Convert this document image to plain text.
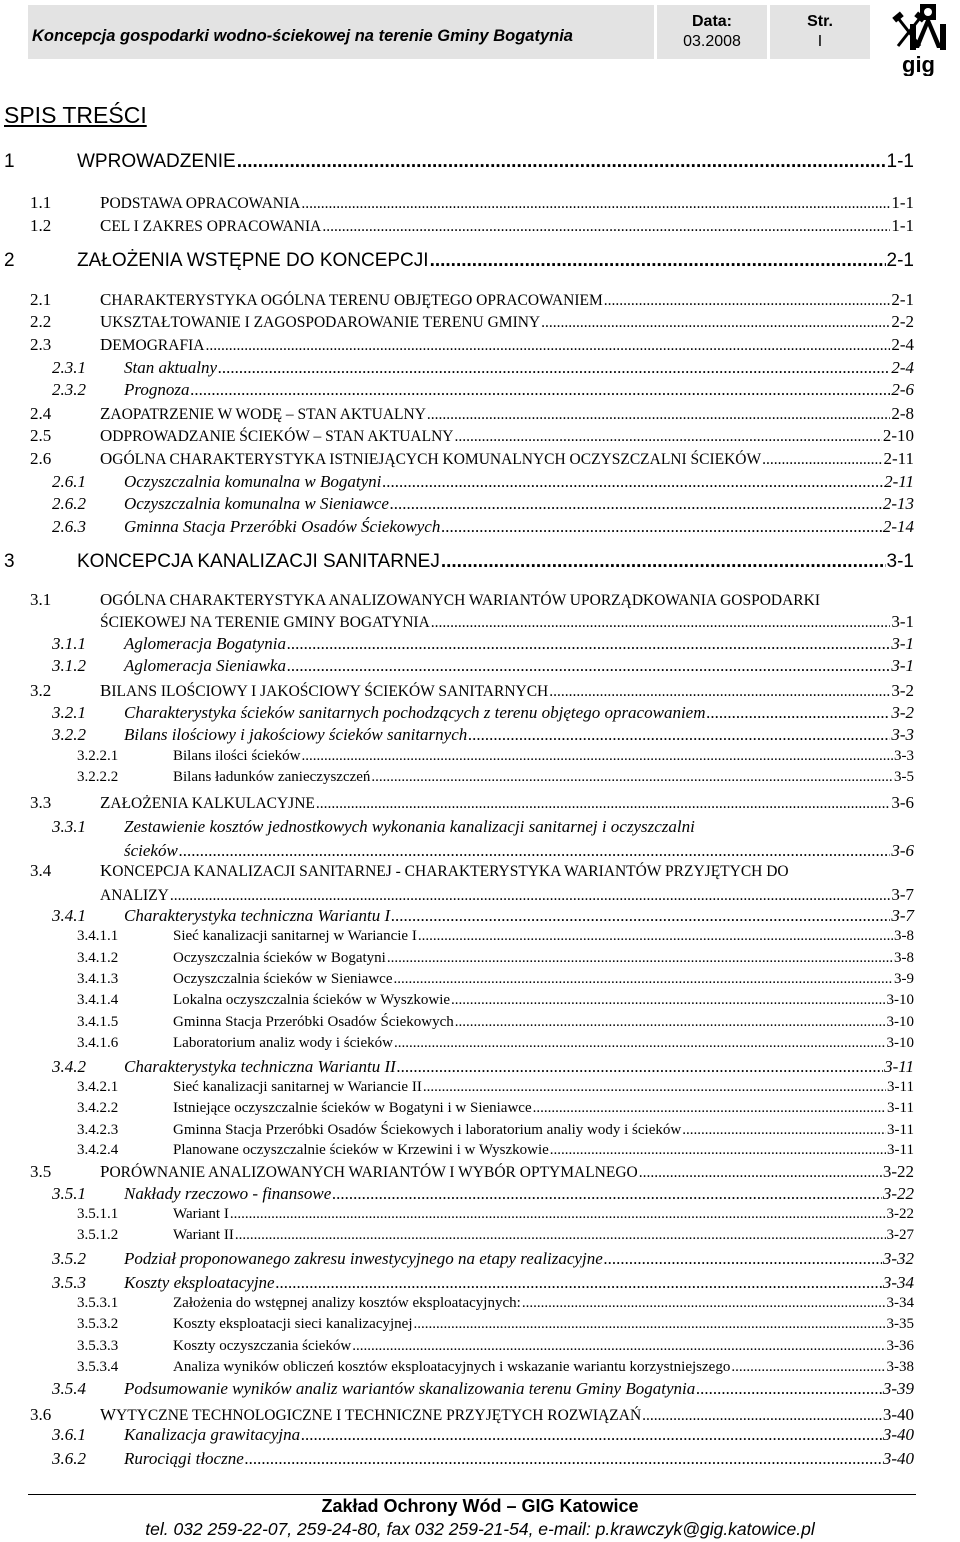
Koncepcja gospodarki wodno-ściekowej na terenie Gminy Bogatynia
Data:
03.2008
Str.
I
gig
SPIS TREŚCI
1	WPROWADZENIE .....	1-1
1.1	PODSTAWA OPRACOWANIA .....	1-1
1.2	CEL I ZAKRES OPRACOWANIA .....	1-1
2	ZAŁOŻENIA WSTĘPNE DO KONCEPCJI .....	2-1
2.1	CHARAKTERYSTYKA OGÓLNA TERENU OBJĘTEGO OPRACOWANIEM .....	2-1
2.2	UKSZTAŁTOWANIE I ZAGOSPODAROWANIE TERENU GMINY .....	2-2
2.3	DEMOGRAFIA .....	2-4
2.3.1 Stan aktualny .....	2-4
2.3.2 Prognoza .....	2-6
2.4	ZAOPATRZENIE W WODĘ – STAN AKTUALNY .....	2-8
2.5	ODPROWADZANIE ŚCIEKÓW – STAN AKTUALNY .....	2-10
2.6	OGÓLNA CHARAKTERYSTYKA ISTNIEJĄCYCH KOMUNALNYCH OCZYSZCZALNI ŚCIEKÓW .....	2-11
2.6.1 Oczyszczalnia komunalna w Bogatyni .....	2-11
2.6.2 Oczyszczalnia komunalna w Sieniawce .....	2-13
2.6.3 Gminna Stacja Przeróbki Osadów Ściekowych .....	2-14
3	KONCEPCJA KANALIZACJI SANITARNEJ .....	3-1
3.1	OGÓLNA CHARAKTERYSTYKA ANALIZOWANYCH WARIANTÓW UPORZĄDKOWANIA GOSPODARKI
ŚCIEKOWEJ NA TERENIE GMINY BOGATYNIA .....	3-1
3.1.1 Aglomeracja Bogatynia .....	3-1
3.1.2 Aglomeracja Sieniawka .....	3-1
3.2	BILANS ILOŚCIOWY I JAKOŚCIOWY ŚCIEKÓW SANITARNYCH .....	3-2
3.2.1 Charakterystyka ścieków sanitarnych pochodzących z terenu objętego opracowaniem .....	3-2
3.2.2 Bilans ilościowy i jakościowy ścieków sanitarnych .....	3-3
3.2.2.1	Bilans ilości ścieków .....	3-3
3.2.2.2	Bilans ładunków zanieczyszczeń .....	3-5
3.3	ZAŁOŻENIA KALKULACYJNE .....	3-6
3.3.1 Zestawienie kosztów jednostkowych wykonania kanalizacji sanitarnej i oczyszczalni
ścieków .....	3-6
3.4	KONCEPCJA KANALIZACJI SANITARNEJ - CHARAKTERYSTYKA WARIANTÓW PRZYJĘTYCH DO
ANALIZY .....	3-7
3.4.1 Charakterystyka techniczna Wariantu I .....	3-7
3.4.1.1	Sieć kanalizacji sanitarnej w Wariancie I .....	3-8
3.4.1.2	Oczyszczalnia ścieków w Bogatyni .....	3-8
3.4.1.3	Oczyszczalnia ścieków w Sieniawce .....	3-9
3.4.1.4	Lokalna oczyszczalnia ścieków w Wyszkowie .....	3-10
3.4.1.5	Gminna Stacja Przeróbki Osadów Ściekowych .....	3-10
3.4.1.6	Laboratorium analiz wody i ścieków .....	3-10
3.4.2 Charakterystyka techniczna Wariantu II .....	3-11
3.4.2.1	Sieć kanalizacji sanitarnej w Wariancie II .....	3-11
3.4.2.2	Istniejące oczyszczalnie ścieków w Bogatyni i w Sieniawce .....	3-11
3.4.2.3	Gminna Stacja Przeróbki Osadów Ściekowych i laboratorium analiy wody i ścieków .....	3-11
3.4.2.4	Planowane oczyszczalnie ścieków w Krzewini i w Wyszkowie .....	3-11
3.5	PORÓWNANIE ANALIZOWANYCH WARIANTÓW I WYBÓR OPTYMALNEGO .....	3-22
3.5.1 Nakłady rzeczowo - finansowe .....	3-22
3.5.1.1	Wariant I .....	3-22
3.5.1.2	Wariant II .....	3-27
3.5.2 Podział proponowanego zakresu inwestycyjnego na etapy realizacyjne .....	3-32
3.5.3 Koszty eksploatacyjne .....	3-34
3.5.3.1	Założenia do wstępnej analizy kosztów eksploatacyjnych: .....	3-34
3.5.3.2	Koszty eksploatacji sieci kanalizacyjnej .....	3-35
3.5.3.3	Koszty oczyszczania ścieków .....	3-36
3.5.3.4	Analiza wyników obliczeń kosztów eksploatacyjnych i wskazanie wariantu korzystniejszego .....	3-38
3.5.4 Podsumowanie wyników analiz wariantów skanalizowania terenu Gminy Bogatynia .....	3-39
3.6	WYTYCZNE TECHNOLOGICZNE I TECHNICZNE PRZYJĘTYCH ROZWIĄZAŃ .....	3-40
3.6.1 Kanalizacja grawitacyjna .....	3-40
3.6.2 Rurociągi tłoczne .....	3-40
Zakład Ochrony Wód – GIG Katowice
tel. 032 259-22-07, 259-24-80, fax 032 259-21-54, e-mail: p.krawczyk@gig.katowice.pl
